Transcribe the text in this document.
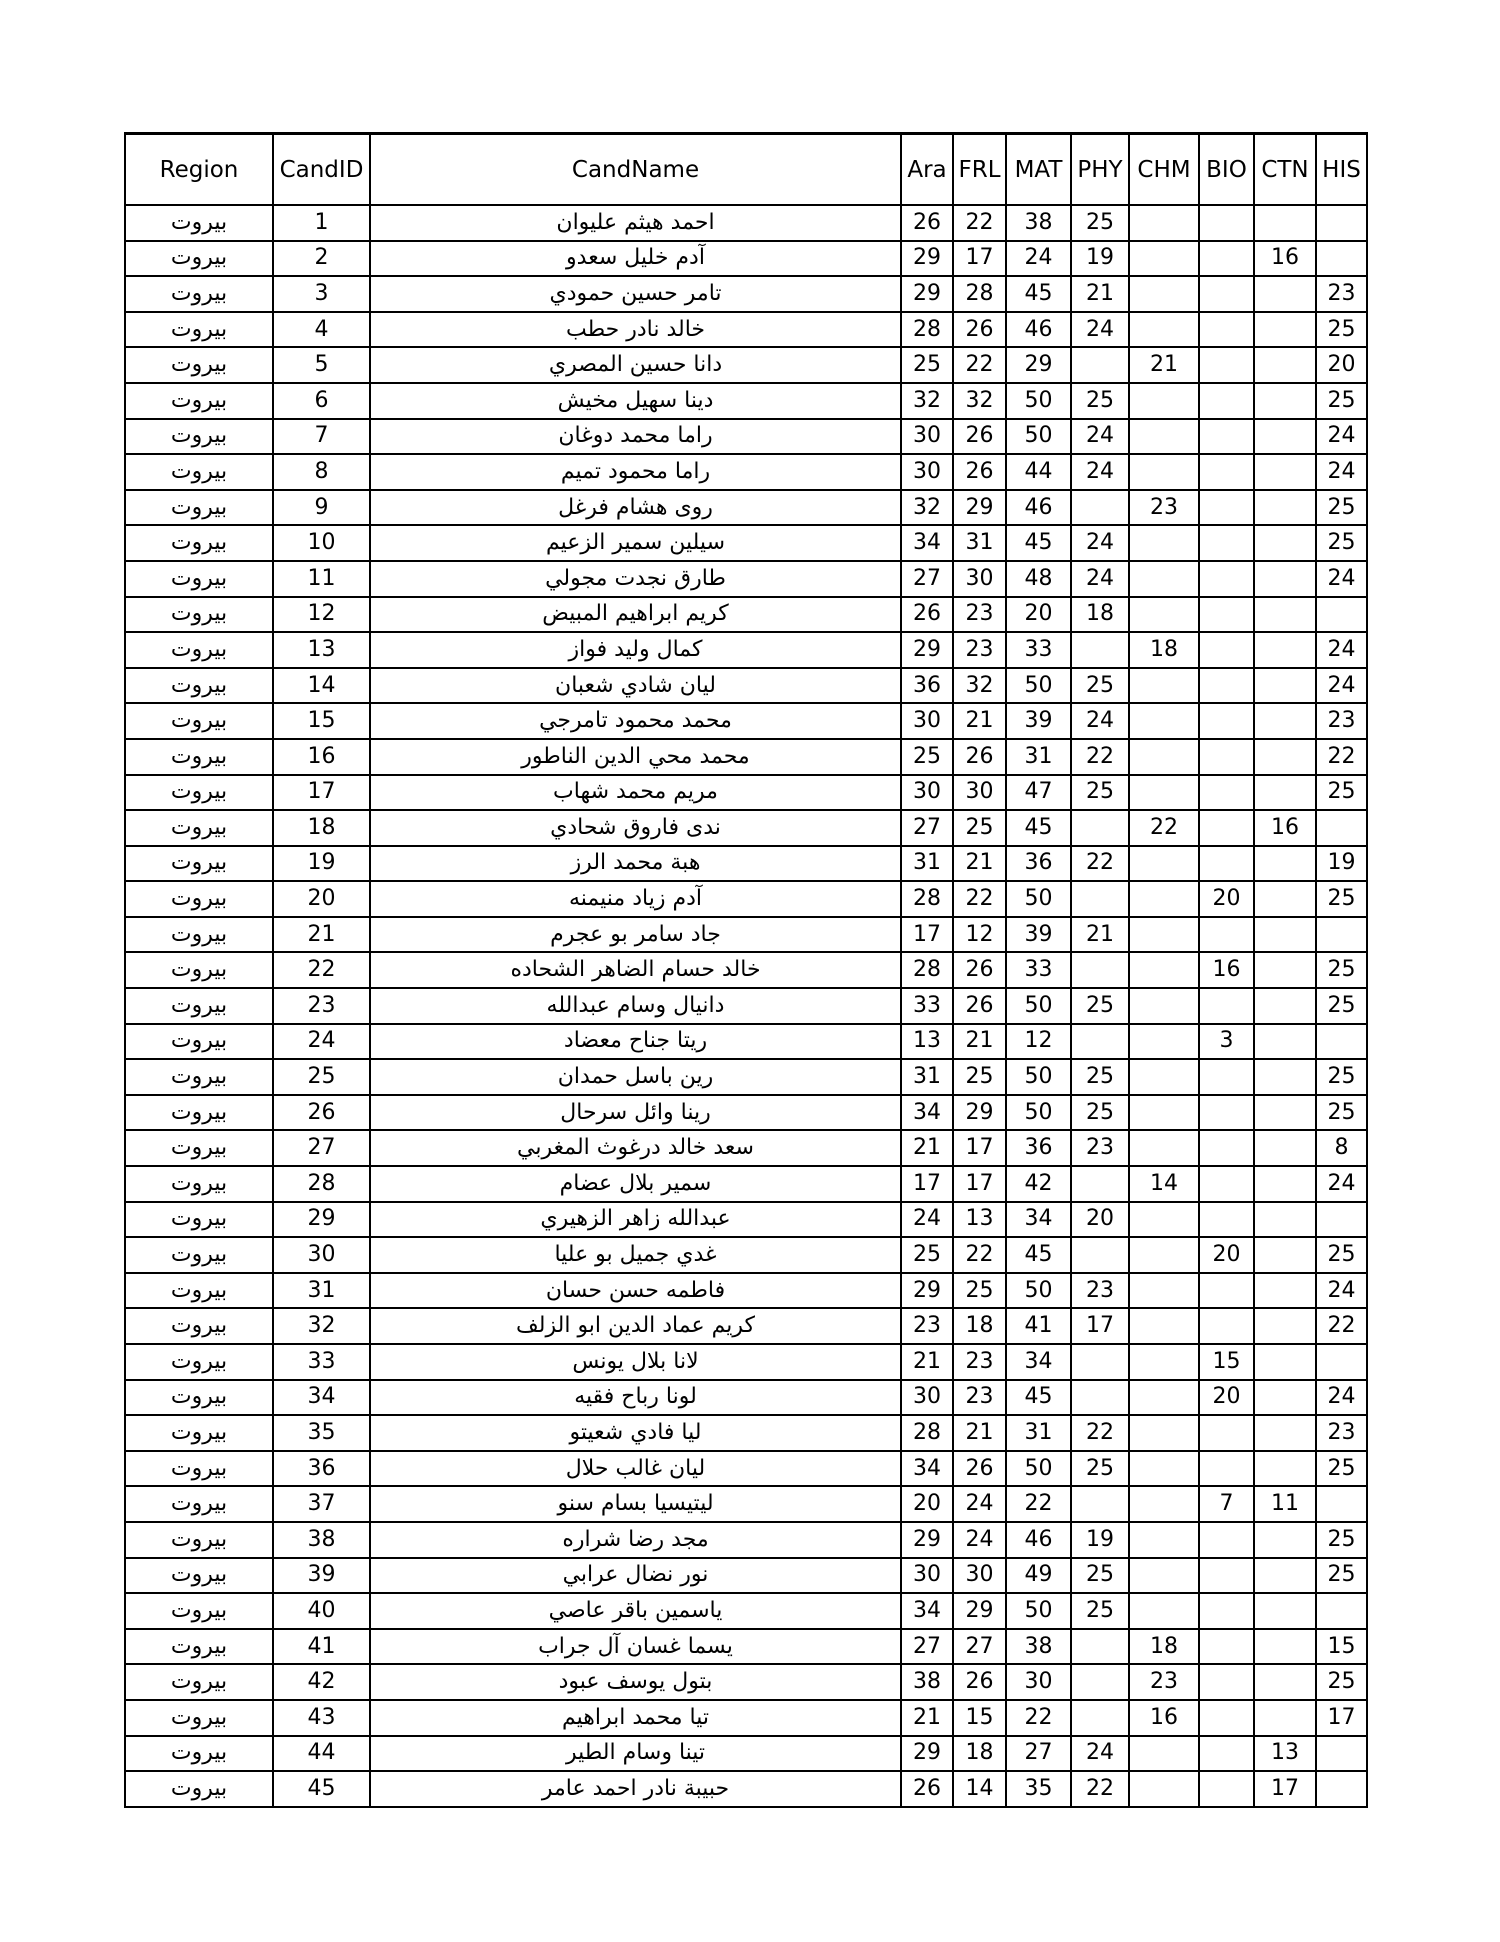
Region	CandID	CandName	Ara	FRL	MAT	PHY	CHM	BIO	CTN	HIS
بيروت	1	احمد هيثم عليوان	26	22	38	25				
بيروت	2	آدم خليل سعدو	29	17	24	19			16	
بيروت	3	تامر حسين حمودي	29	28	45	21				23
بيروت	4	خالد نادر حطب	28	26	46	24				25
بيروت	5	دانا حسين المصري	25	22	29		21			20
بيروت	6	دينا سهيل مخيش	32	32	50	25				25
بيروت	7	راما محمد دوغان	30	26	50	24				24
بيروت	8	راما محمود تميم	30	26	44	24				24
بيروت	9	روى هشام فرغل	32	29	46		23			25
بيروت	10	سيلين سمير الزعيم	34	31	45	24				25
بيروت	11	طارق نجدت مجولي	27	30	48	24				24
بيروت	12	كريم ابراهيم المبيض	26	23	20	18				
بيروت	13	كمال وليد فواز	29	23	33		18			24
بيروت	14	ليان شادي شعبان	36	32	50	25				24
بيروت	15	محمد محمود تامرجي	30	21	39	24				23
بيروت	16	محمد محي الدين الناطور	25	26	31	22				22
بيروت	17	مريم محمد شهاب	30	30	47	25				25
بيروت	18	ندى فاروق شحادي	27	25	45		22		16	
بيروت	19	هبة محمد الرز	31	21	36	22				19
بيروت	20	آدم زياد منيمنه	28	22	50			20		25
بيروت	21	جاد سامر بو عجرم	17	12	39	21				
بيروت	22	خالد حسام الضاهر الشحاده	28	26	33			16		25
بيروت	23	دانيال وسام عبدالله	33	26	50	25				25
بيروت	24	ريتا جناح معضاد	13	21	12			3		
بيروت	25	رين باسل حمدان	31	25	50	25				25
بيروت	26	رينا وائل سرحال	34	29	50	25				25
بيروت	27	سعد خالد درغوث المغربي	21	17	36	23				8
بيروت	28	سمير بلال عضام	17	17	42		14			24
بيروت	29	عبدالله زاهر الزهيري	24	13	34	20				
بيروت	30	غدي جميل بو عليا	25	22	45			20		25
بيروت	31	فاطمه حسن حسان	29	25	50	23				24
بيروت	32	كريم عماد الدين ابو الزلف	23	18	41	17				22
بيروت	33	لانا بلال يونس	21	23	34			15		
بيروت	34	لونا رباح فقيه	30	23	45			20		24
بيروت	35	ليا فادي شعيتو	28	21	31	22				23
بيروت	36	ليان غالب حلال	34	26	50	25				25
بيروت	37	ليتيسيا بسام سنو	20	24	22			7	11	
بيروت	38	مجد رضا شراره	29	24	46	19				25
بيروت	39	نور نضال عرابي	30	30	49	25				25
بيروت	40	ياسمين باقر عاصي	34	29	50	25				
بيروت	41	يسما غسان آل جراب	27	27	38		18			15
بيروت	42	بتول يوسف عبود	38	26	30		23			25
بيروت	43	تيا محمد ابراهيم	21	15	22		16			17
بيروت	44	تينا وسام الطير	29	18	27	24			13	
بيروت	45	حبيبة نادر احمد عامر	26	14	35	22			17	
